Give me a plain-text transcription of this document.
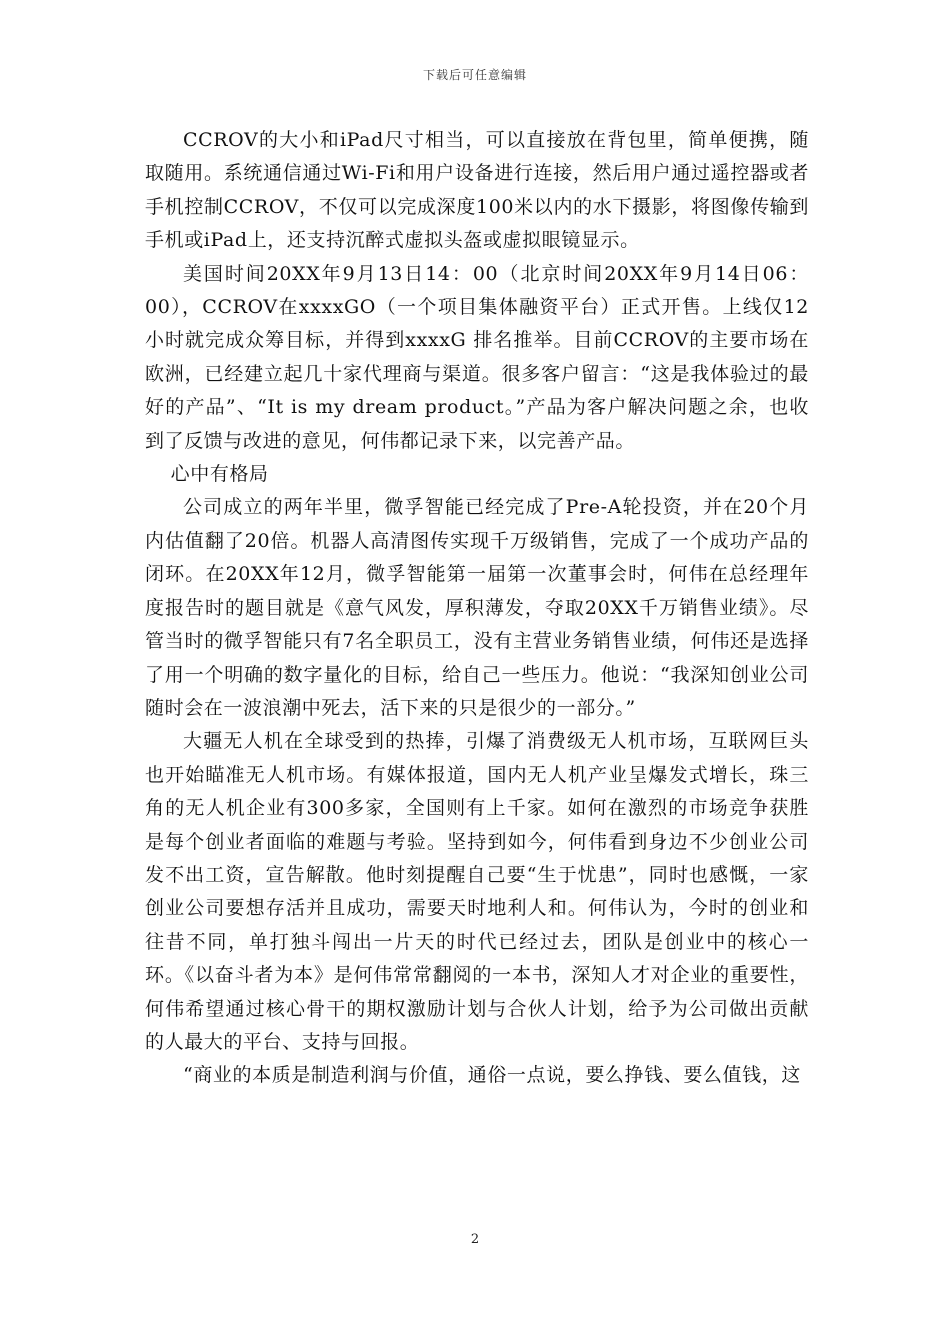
下载后可任意编辑

CCROV的大小和iPad尺寸相当，可以直接放在背包里，简单便携，随取随用。系统通信通过Wi-Fi和用户设备进行连接，然后用户通过遥控器或者手机控制CCROV，不仅可以完成深度100米以内的水下摄影，将图像传输到手机或iPad上，还支持沉醉式虚拟头盔或虚拟眼镜显示。

美国时间20XX年9月13日14：00（北京时间20XX年9月14日06：00），CCROV在xxxxGO（一个项目集体融资平台）正式开售。上线仅12小时就完成众筹目标，并得到xxxxG 排名推举。目前CCROV的主要市场在欧洲，已经建立起几十家代理商与渠道。很多客户留言：“这是我体验过的最好的产品”、“It is my dream product。”产品为客户解决问题之余，也收到了反馈与改进的意见，何伟都记录下来，以完善产品。

心中有格局

公司成立的两年半里，微孚智能已经完成了Pre-A轮投资，并在20个月内估值翻了20倍。机器人高清图传实现千万级销售，完成了一个成功产品的闭环。在20XX年12月，微孚智能第一届第一次董事会时，何伟在总经理年度报告时的题目就是《意气风发，厚积薄发，夺取20XX千万销售业绩》。尽管当时的微孚智能只有7名全职员工，没有主营业务销售业绩，何伟还是选择了用一个明确的数字量化的目标，给自己一些压力。他说：“我深知创业公司随时会在一波浪潮中死去，活下来的只是很少的一部分。”

大疆无人机在全球受到的热捧，引爆了消费级无人机市场，互联网巨头也开始瞄准无人机市场。有媒体报道，国内无人机产业呈爆发式增长，珠三角的无人机企业有300多家，全国则有上千家。如何在激烈的市场竞争获胜是每个创业者面临的难题与考验。坚持到如今，何伟看到身边不少创业公司发不出工资，宣告解散。他时刻提醒自己要“生于忧患”，同时也感慨，一家创业公司要想存活并且成功，需要天时地利人和。何伟认为，今时的创业和往昔不同，单打独斗闯出一片天的时代已经过去，团队是创业中的核心一环。《以奋斗者为本》是何伟常常翻阅的一本书，深知人才对企业的重要性，何伟希望通过核心骨干的期权激励计划与合伙人计划，给予为公司做出贡献的人最大的平台、支持与回报。

“商业的本质是制造利润与价值，通俗一点说，要么挣钱、要么值钱，这

2
